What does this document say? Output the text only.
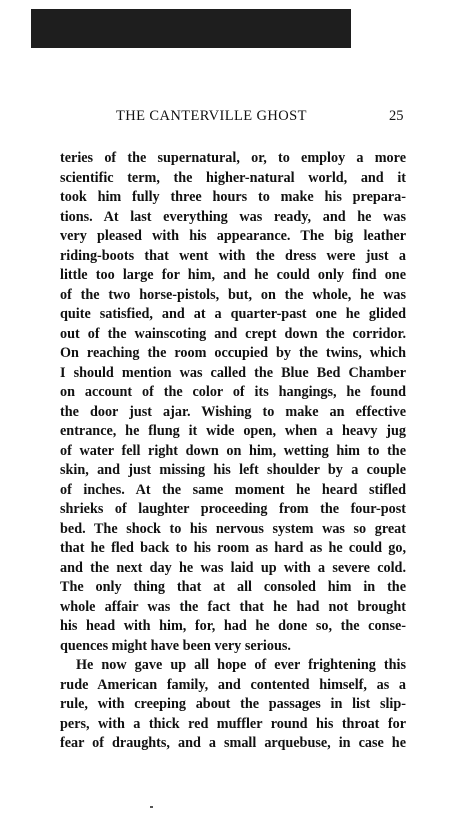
THE CANTERVILLE GHOST	25
teries of the supernatural, or, to employ a more
scientific term, the higher-natural world, and it
took him fully three hours to make his prepara-
tions. At last everything was ready, and he was
very pleased with his appearance. The big leather
riding-boots that went with the dress were just a
little too large for him, and he could only find one
of the two horse-pistols, but, on the whole, he was
quite satisfied, and at a quarter-past one he glided
out of the wainscoting and crept down the corridor.
On reaching the room occupied by the twins, which
I should mention was called the Blue Bed Chamber
on account of the color of its hangings, he found
the door just ajar. Wishing to make an effective
entrance, he flung it wide open, when a heavy jug
of water fell right down on him, wetting him to the
skin, and just missing his left shoulder by a couple
of inches. At the same moment he heard stifled
shrieks of laughter proceeding from the four-post
bed. The shock to his nervous system was so great
that he fled back to his room as hard as he could go,
and the next day he was laid up with a severe cold.
The only thing that at all consoled him in the
whole affair was the fact that he had not brought
his head with him, for, had he done so, the conse-
quences might have been very serious.
He now gave up all hope of ever frightening this
rude American family, and contented himself, as a
rule, with creeping about the passages in list slip-
pers, with a thick red muffler round his throat for
fear of draughts, and a small arquebuse, in case he
